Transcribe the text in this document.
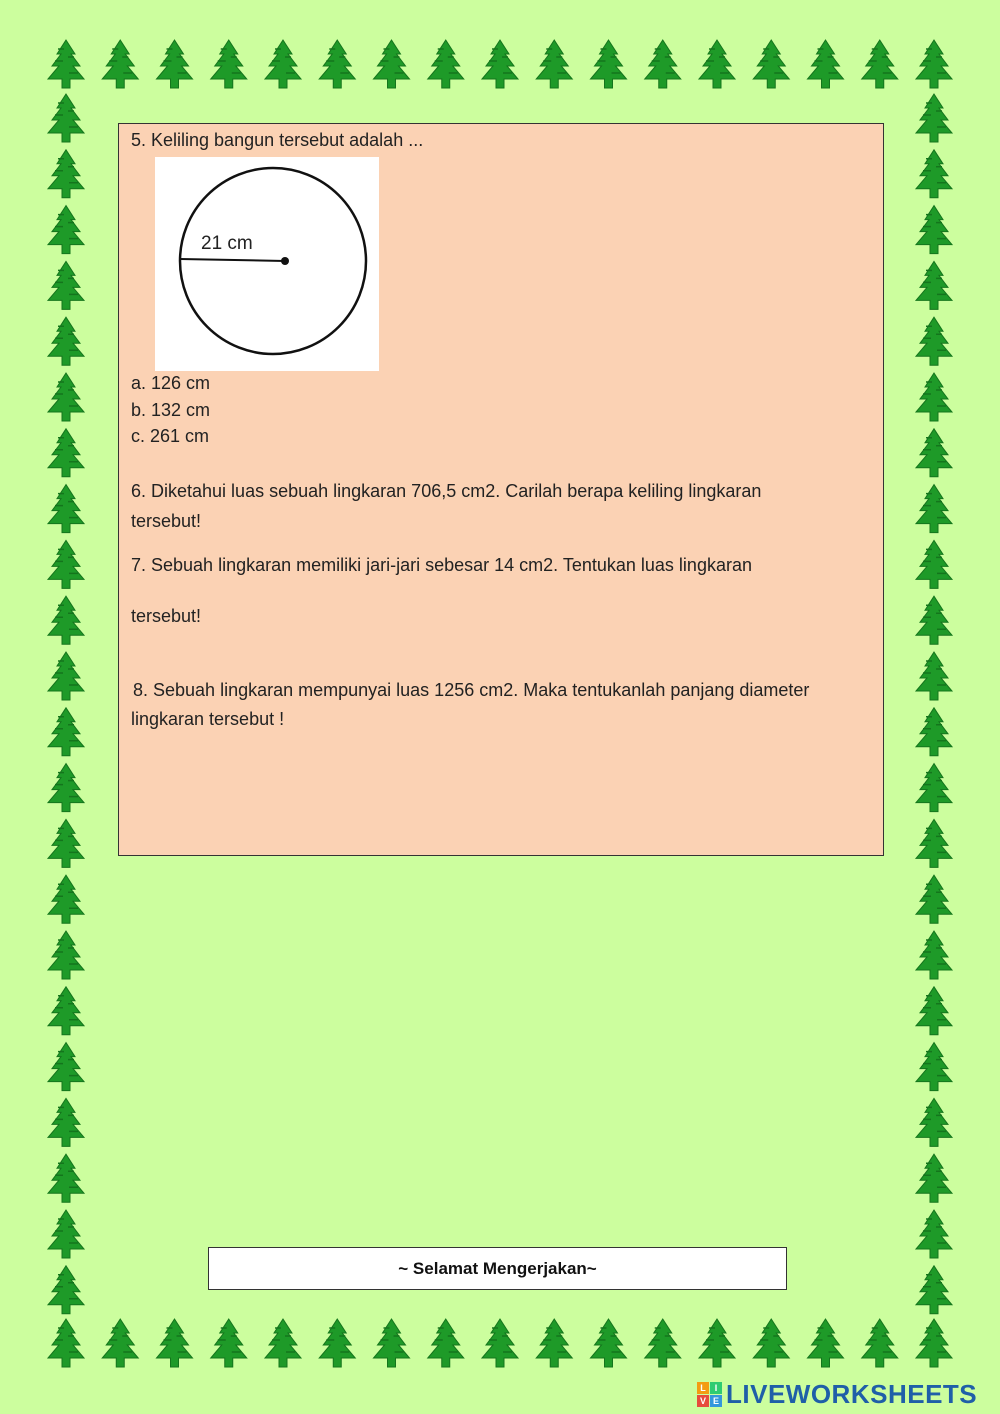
5. Keliling bangun tersebut adalah ...
21 cm
a. 126 cm
b. 132 cm
c. 261 cm
6. Diketahui luas sebuah lingkaran 706,5 cm2. Carilah berapa keliling lingkaran
tersebut!
7. Sebuah lingkaran memiliki jari-jari sebesar 14 cm2. Tentukan luas lingkaran
tersebut!
8. Sebuah lingkaran mempunyai luas 1256 cm2. Maka tentukanlah panjang diameter
lingkaran tersebut !
~ Selamat Mengerjakan~
L I
V E LIVEWORKSHEETS
